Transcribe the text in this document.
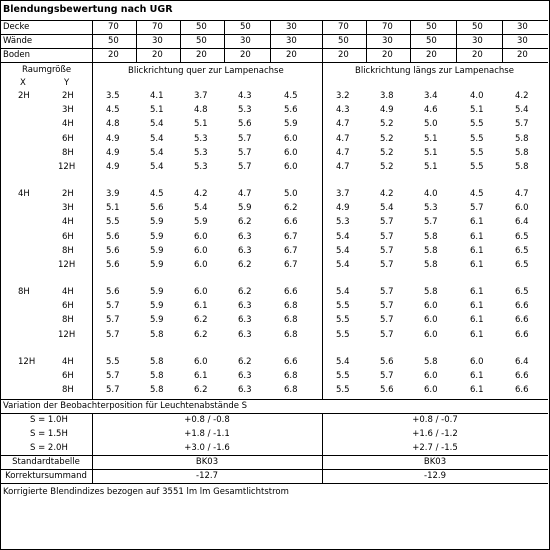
Blendungsbewertung nach UGR
Decke	70	70	50	50	30	70	70	50	50	30
Wände	50	30	50	30	30	50	30	50	30	30
Boden	20	20	20	20	20	20	20	20	20	20
Raumgröße
X	Y
Blickrichtung quer zur Lampenachse	Blickrichtung längs zur Lampenachse
2H	2H	3.5	4.1	3.7	4.3	4.5	3.2	3.8	3.4	4.0	4.2
3H	4.5	5.1	4.8	5.3	5.6	4.3	4.9	4.6	5.1	5.4
4H	4.8	5.4	5.1	5.6	5.9	4.7	5.2	5.0	5.5	5.7
6H	4.9	5.4	5.3	5.7	6.0	4.7	5.2	5.1	5.5	5.8
8H	4.9	5.4	5.3	5.7	6.0	4.7	5.2	5.1	5.5	5.8
12H	4.9	5.4	5.3	5.7	6.0	4.7	5.2	5.1	5.5	5.8
4H	2H	3.9	4.5	4.2	4.7	5.0	3.7	4.2	4.0	4.5	4.7
3H	5.1	5.6	5.4	5.9	6.2	4.9	5.4	5.3	5.7	6.0
4H	5.5	5.9	5.9	6.2	6.6	5.3	5.7	5.7	6.1	6.4
6H	5.6	5.9	6.0	6.3	6.7	5.4	5.7	5.8	6.1	6.5
8H	5.6	5.9	6.0	6.3	6.7	5.4	5.7	5.8	6.1	6.5
12H	5.6	5.9	6.0	6.2	6.7	5.4	5.7	5.8	6.1	6.5
8H	4H	5.6	5.9	6.0	6.2	6.6	5.4	5.7	5.8	6.1	6.5
6H	5.7	5.9	6.1	6.3	6.8	5.5	5.7	6.0	6.1	6.6
8H	5.7	5.9	6.2	6.3	6.8	5.5	5.7	6.0	6.1	6.6
12H	5.7	5.8	6.2	6.3	6.8	5.5	5.7	6.0	6.1	6.6
12H	4H	5.5	5.8	6.0	6.2	6.6	5.4	5.6	5.8	6.0	6.4
6H	5.7	5.8	6.1	6.3	6.8	5.5	5.7	6.0	6.1	6.6
8H	5.7	5.8	6.2	6.3	6.8	5.5	5.6	6.0	6.1	6.6
Variation der Beobachterposition für Leuchtenabstände S
S = 1.0H	+0.8 / -0.8	+0.8 / -0.7
S = 1.5H	+1.8 / -1.1	+1.6 / -1.2
S = 2.0H	+3.0 / -1.6	+2.7 / -1.5
Standardtabelle	BK03	BK03
Korrektursummand	-12.7	-12.9
Korrigierte Blendindizes bezogen auf 3551 lm lm Gesamtlichtstrom
